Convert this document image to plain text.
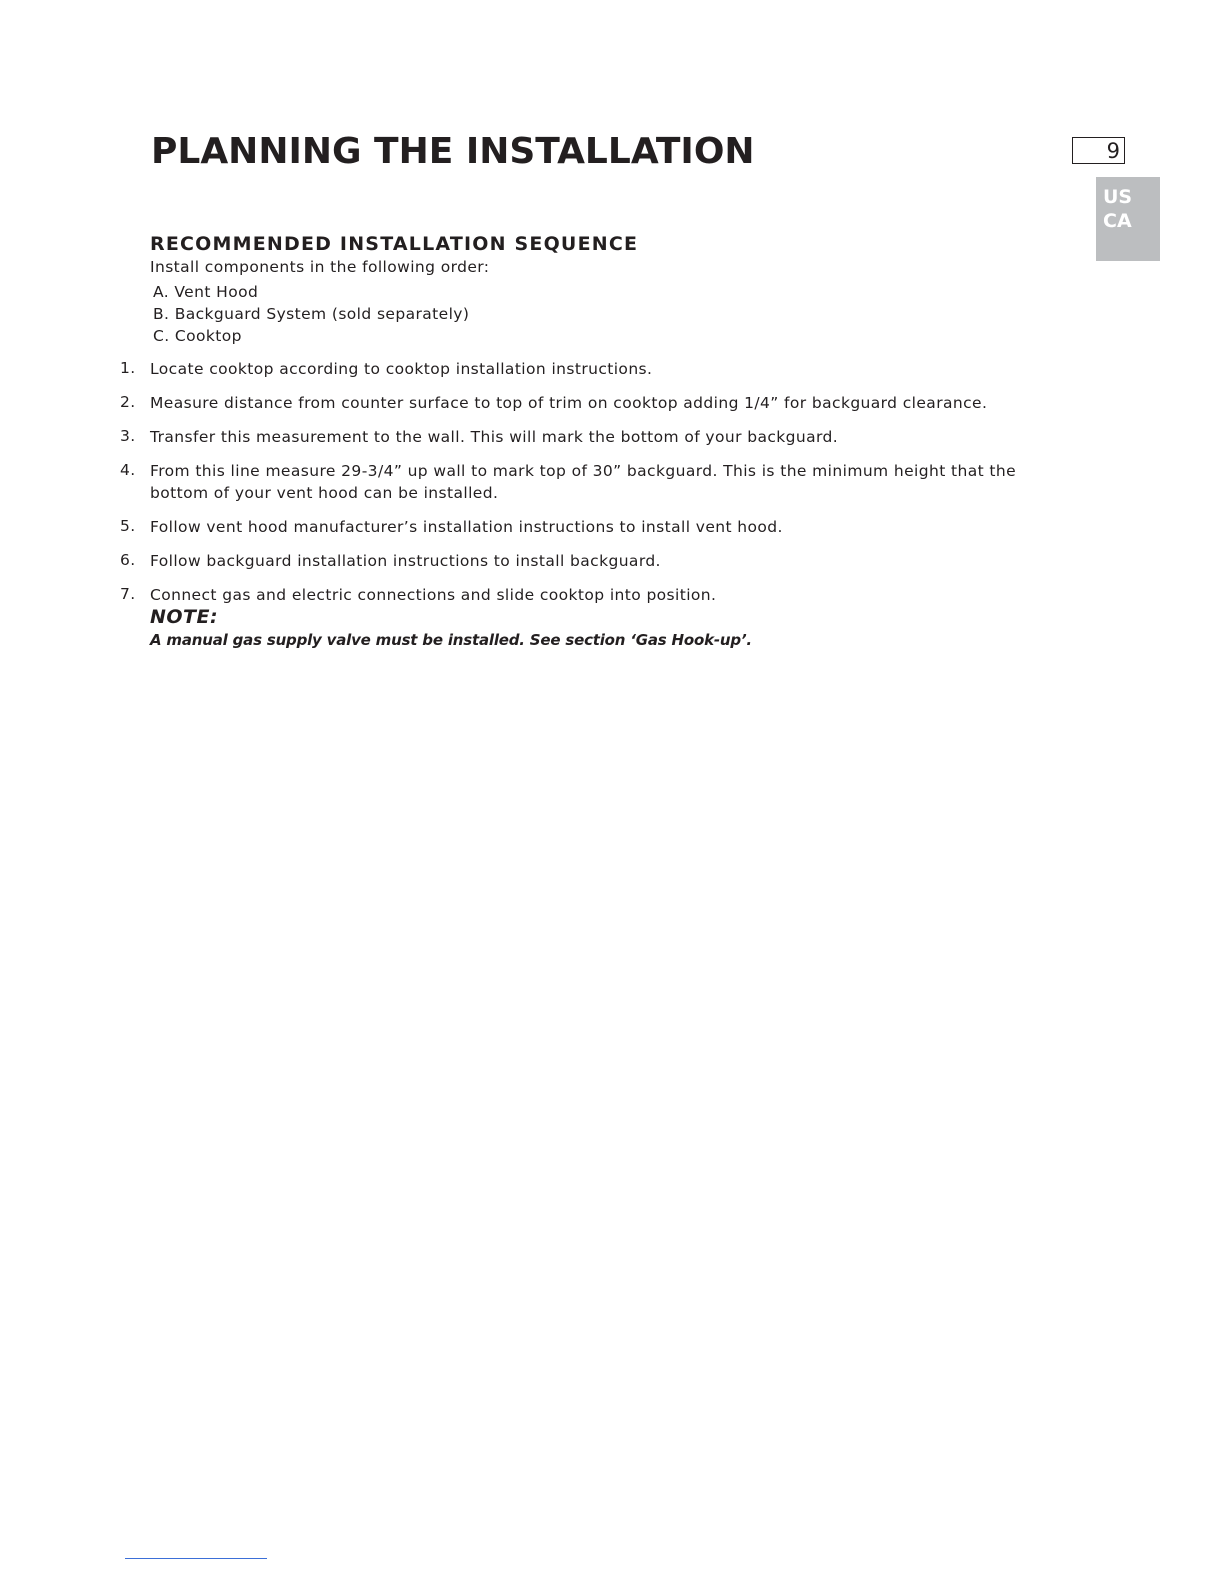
PLANNING THE INSTALLATION	9
US
CA
RECOMMENDED INSTALLATION SEQUENCE
Install components in the following order:
A. Vent Hood
B. Backguard System (sold separately)
C. Cooktop
1. Locate cooktop according to cooktop installation instructions.
2. Measure distance from counter surface to top of trim on cooktop adding 1/4” for backguard clearance.
3. Transfer this measurement to the wall. This will mark the bottom of your backguard.
4. From this line measure 29-3/4” up wall to mark top of 30” backguard. This is the minimum height that the bottom of your vent hood can be installed.
5. Follow vent hood manufacturer’s installation instructions to install vent hood.
6. Follow backguard installation instructions to install backguard.
7. Connect gas and electric connections and slide cooktop into position.
NOTE:
A manual gas supply valve must be installed. See section ‘Gas Hook-up’.
